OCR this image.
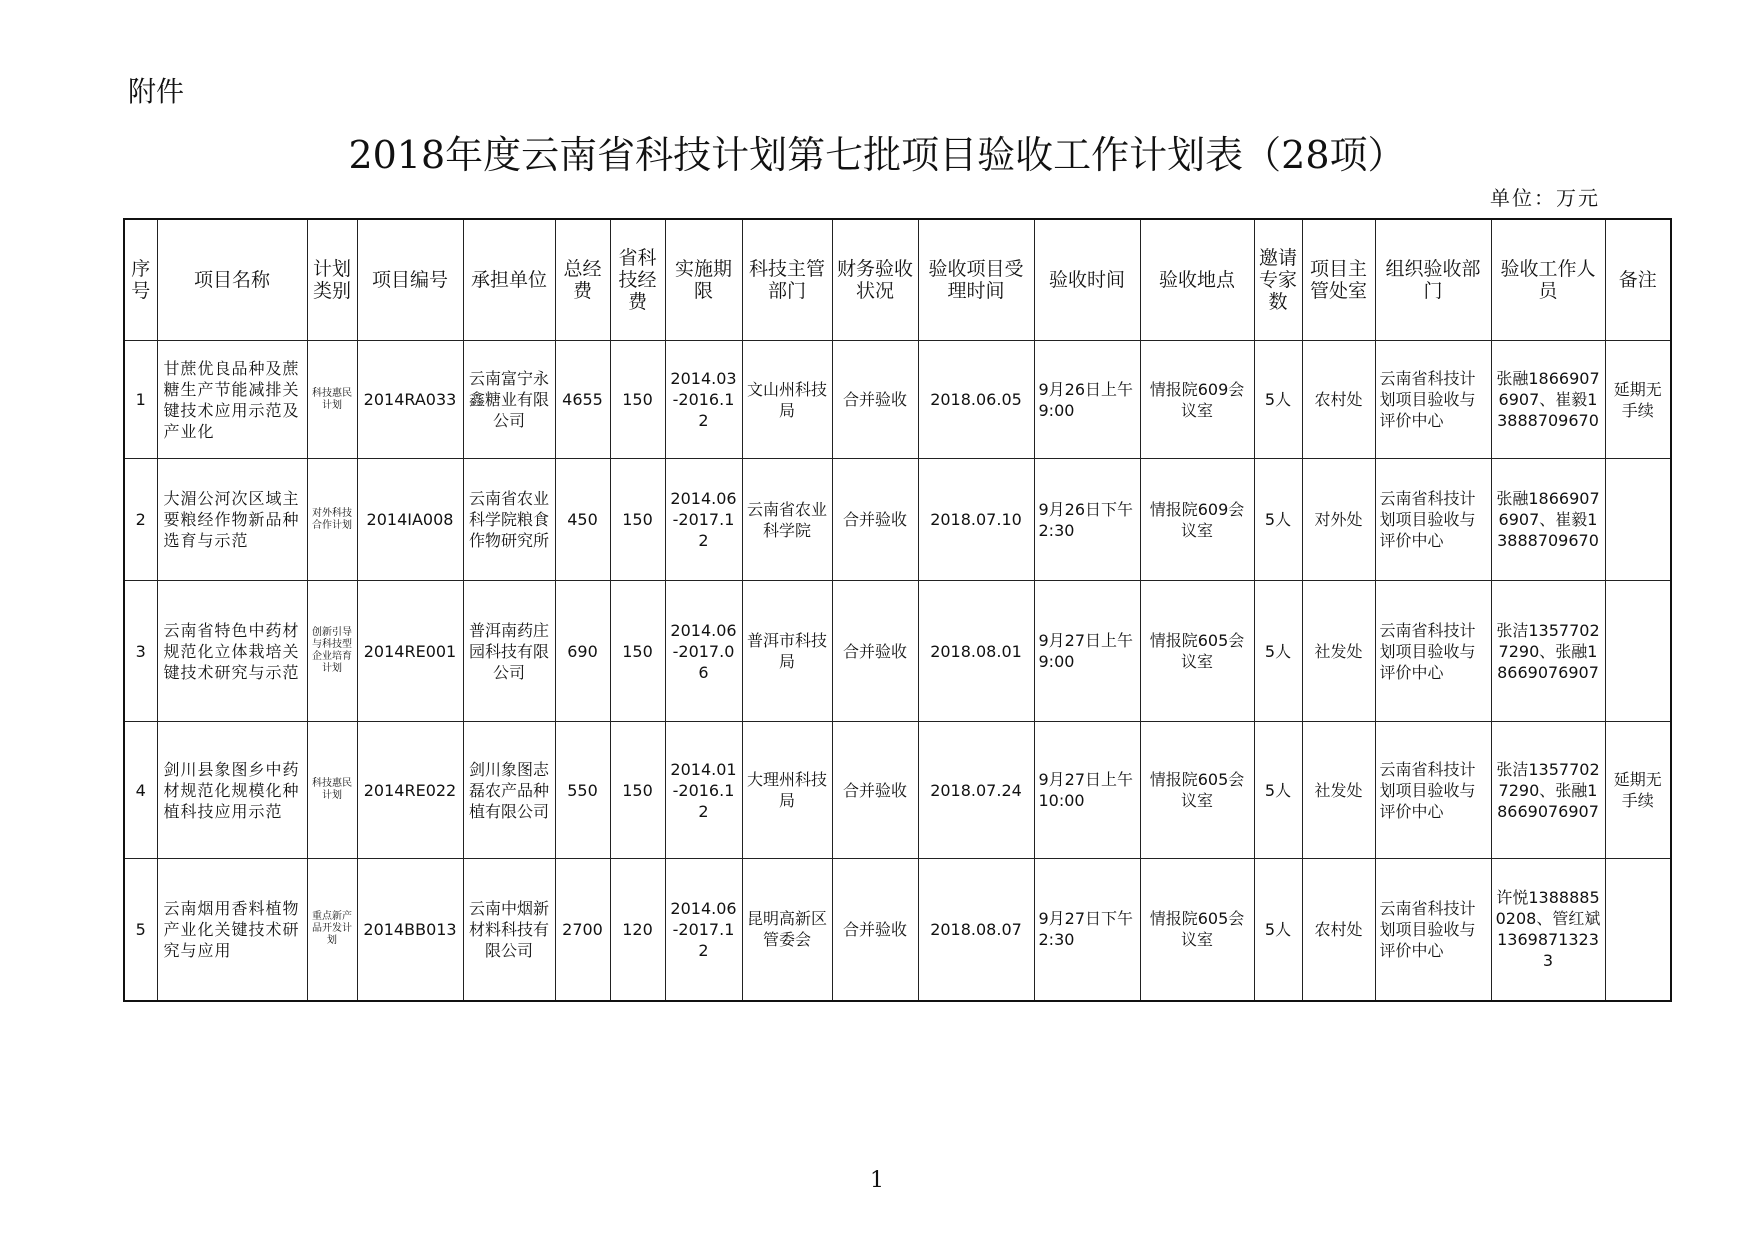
附件
2018年度云南省科技计划第七批项目验收工作计划表（28项）
单位：万元
序号	项目名称	计划类别	项目编号	承担单位	总经费	省科技经费	实施期限	科技主管部门	财务验收状况	验收项目受理时间	验收时间	验收地点	邀请专家数	项目主管处室	组织验收部门	验收工作人员	备注
1	甘蔗优良品种及蔗糖生产节能减排关键技术应用示范及产业化	科技惠民计划	2014RA033	云南富宁永鑫糖业有限公司	4655	150	2014.03-2016.12	文山州科技局	合并验收	2018.06.05	9月26日上午9:00	情报院609会议室	5人	农村处	云南省科技计划项目验收与评价中心	张融18669076907、崔毅13888709670	延期无手续
2	大湄公河次区域主要粮经作物新品种选育与示范	对外科技合作计划	2014IA008	云南省农业科学院粮食作物研究所	450	150	2014.06-2017.12	云南省农业科学院	合并验收	2018.07.10	9月26日下午2:30	情报院609会议室	5人	对外处	云南省科技计划项目验收与评价中心	张融18669076907、崔毅13888709670	
3	云南省特色中药材规范化立体栽培关键技术研究与示范	创新引导与科技型企业培育计划	2014RE001	普洱南药庄园科技有限公司	690	150	2014.06-2017.06	普洱市科技局	合并验收	2018.08.01	9月27日上午9:00	情报院605会议室	5人	社发处	云南省科技计划项目验收与评价中心	张洁13577027290、张融18669076907	
4	剑川县象图乡中药材规范化规模化种植科技应用示范	科技惠民计划	2014RE022	剑川象图志磊农产品种植有限公司	550	150	2014.01-2016.12	大理州科技局	合并验收	2018.07.24	9月27日上午10:00	情报院605会议室	5人	社发处	云南省科技计划项目验收与评价中心	张洁13577027290、张融18669076907	延期无手续
5	云南烟用香料植物产业化关键技术研究与应用	重点新产品开发计划	2014BB013	云南中烟新材料科技有限公司	2700	120	2014.06-2017.12	昆明高新区管委会	合并验收	2018.08.07	9月27日下午2:30	情报院605会议室	5人	农村处	云南省科技计划项目验收与评价中心	许悦13888850208、管红斌13698713233	
1
